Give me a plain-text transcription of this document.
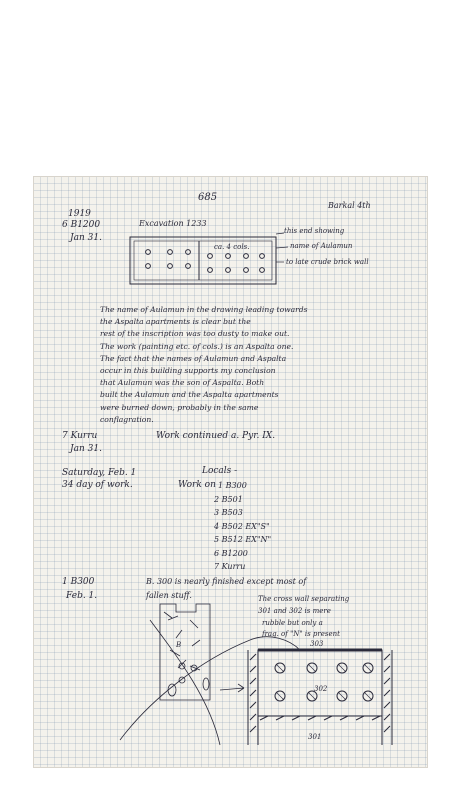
685
Barkal 4th
1919
6 B1200
Jan 31.
Excavation 1233
this end showing
name of Aulamun
to late crude brick wall
ca. 4 cols.
The name of Aulamun in the drawing leading towards
the Aspalta apartments is clear but the
rest of the inscription was too dusty to make out.
The work (painting etc. of cols.) is an Aspalta one.
The fact that the names of Aulamun and Aspalta
occur in this building supports my conclusion
that Aulamun was the son of Aspalta. Both
built the Aulamun and the Aspalta apartments
were burned down, probably in the same
conflagration.
7 Kurru
Jan 31.
Work continued a. Pyr. IX.
Saturday, Feb. 1
34 day of work.
Locals -
Work on 1 B300
2 B501
3 B503
4 B502 EX"S"
5 B512 EX"N"
6 B1200
7 Kurru
1 B300
Feb. 1.
B. 300 is nearly finished except most of
fallen stuff.	The cross wall separating
301 and 302 is mere
rubble but only a
frag. of "N" is present
303
302
301
B
